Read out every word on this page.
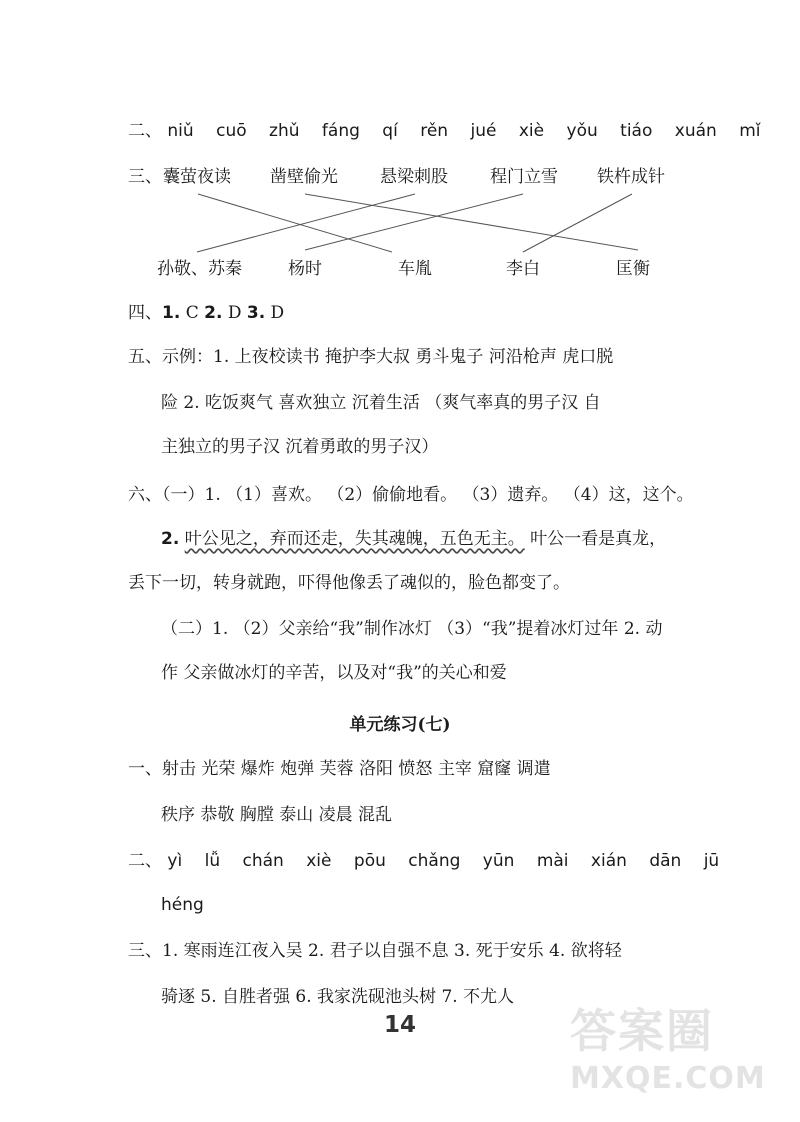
二、 niǔ cuō zhǔ fáng qí rěn jué xiè yǒu tiáo xuán mǐ
三、 囊萤夜读 凿壁偷光 悬梁刺股 程门立雪 铁杵成针
孙敬、苏秦	杨时	车胤	李白	匡衡
四、1. C 2. D 3. D
五、示例：1. 上夜校读书 掩护李大叔 勇斗鬼子 河沿枪声 虎口脱
险 2. 吃饭爽气 喜欢独立 沉着生活 （爽气率真的男子汉 自
主独立的男子汉 沉着勇敢的男子汉）
六、（一）1. （1）喜欢。 （2）偷偷地看。 （3）遗弃。 （4）这，这个。
2. 叶公见之，弃而还走，失其魂魄，五色无主。 叶公一看是真龙，
丢下一切，转身就跑，吓得他像丢了魂似的，脸色都变了。
（二）1. （2）父亲给“我”制作冰灯 （3）“我”提着冰灯过年 2. 动
作 父亲做冰灯的辛苦，以及对“我”的关心和爱
单元练习(七)
一、射击 光荣 爆炸 炮弹 芙蓉 洛阳 愤怒 主宰 窟窿 调遣
秩序 恭敬 胸膛 泰山 凌晨 混乱
二、 yì lǚ chán xiè pōu chǎng yūn mài xián dān jū
héng
三、1. 寒雨连江夜入吴 2. 君子以自强不息 3. 死于安乐 4. 欲将轻
骑逐 5. 自胜者强 6. 我家洗砚池头树 7. 不尤人
14	答案圈
MXQE.COM
